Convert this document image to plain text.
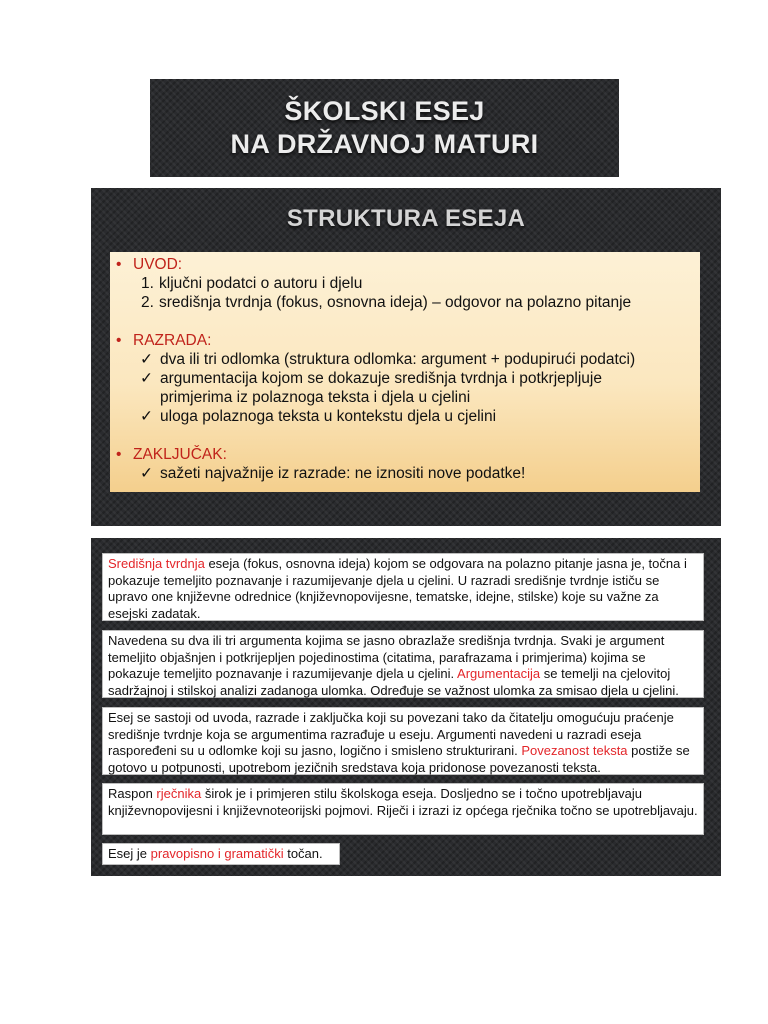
ŠKOLSKI ESEJ
NA DRŽAVNOJ MATURI
STRUKTURA ESEJA
• UVOD:
1. ključni podatci o autoru i djelu
2. središnja tvrdnja (fokus, osnovna ideja) – odgovor na polazno pitanje
• RAZRADA:
✓ dva ili tri odlomka (struktura odlomka: argument + podupirući podatci)
✓ argumentacija kojom se dokazuje središnja tvrdnja i potkrjepljuje
primjerima iz polaznoga teksta i djela u cjelini
✓ uloga polaznoga teksta u kontekstu djela u cjelini
• ZAKLJUČAK:
✓ sažeti najvažnije iz razrade: ne iznositi nove podatke!
Središnja tvrdnja eseja (fokus, osnovna ideja) kojom se odgovara na polazno pitanje jasna je, točna i pokazuje temeljito poznavanje i razumijevanje djela u cjelini. U razradi središnje tvrdnje ističu se upravo one književne odrednice (književnopovijesne, tematske, idejne, stilske) koje su važne za esejski zadatak.
Navedena su dva ili tri argumenta kojima se jasno obrazlaže središnja tvrdnja. Svaki je argument temeljito objašnjen i potkrijepljen pojedinostima (citatima, parafrazama i primjerima) kojima se pokazuje temeljito poznavanje i razumijevanje djela u cjelini. Argumentacija se temelji na cjelovitoj sadržajnoj i stilskoj analizi zadanoga ulomka. Određuje se važnost ulomka za smisao djela u cjelini.
Esej se sastoji od uvoda, razrade i zaključka koji su povezani tako da čitatelju omogućuju praćenje središnje tvrdnje koja se argumentima razrađuje u eseju. Argumenti navedeni u razradi eseja raspoređeni su u odlomke koji su jasno, logično i smisleno strukturirani. Povezanost teksta postiže se gotovo u potpunosti, upotrebom jezičnih sredstava koja pridonose povezanosti teksta.
Raspon rječnika širok je i primjeren stilu školskoga eseja. Dosljedno se i točno upotrebljavaju književnopovijesni i književnoteorijski pojmovi. Riječi i izrazi iz općega rječnika točno se upotrebljavaju.
Esej je pravopisno i gramatički točan.
